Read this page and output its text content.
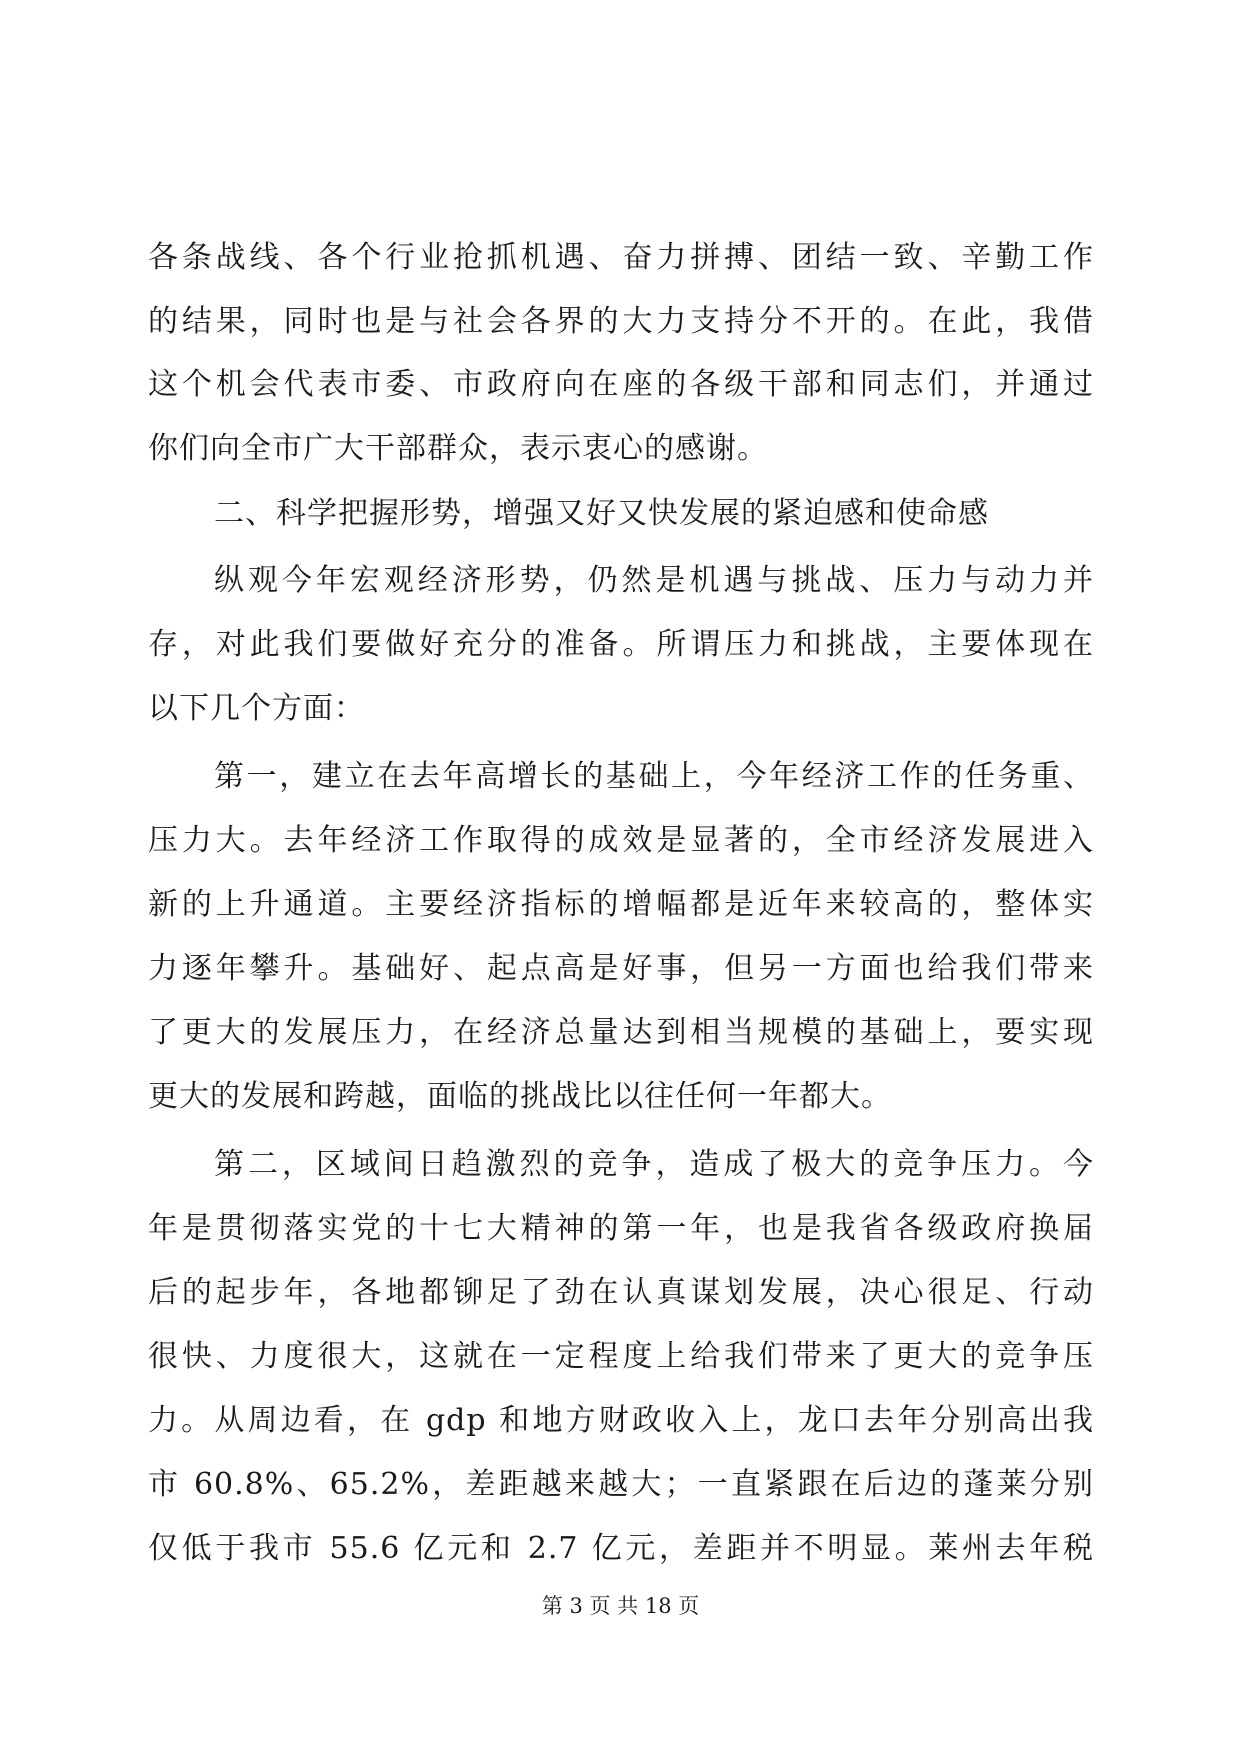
各条战线、各个行业抢抓机遇、奋力拼搏、团结一致、辛勤工作
的结果，同时也是与社会各界的大力支持分不开的。在此，我借
这个机会代表市委、市政府向在座的各级干部和同志们，并通过
你们向全市广大干部群众，表示衷心的感谢。
二、科学把握形势，增强又好又快发展的紧迫感和使命感
纵观今年宏观经济形势，仍然是机遇与挑战、压力与动力并
存，对此我们要做好充分的准备。所谓压力和挑战，主要体现在
以下几个方面：
第一，建立在去年高增长的基础上，今年经济工作的任务重、
压力大。去年经济工作取得的成效是显著的，全市经济发展进入
新的上升通道。主要经济指标的增幅都是近年来较高的，整体实
力逐年攀升。基础好、起点高是好事，但另一方面也给我们带来
了更大的发展压力，在经济总量达到相当规模的基础上，要实现
更大的发展和跨越，面临的挑战比以往任何一年都大。
第二，区域间日趋激烈的竞争，造成了极大的竞争压力。今
年是贯彻落实党的十七大精神的第一年，也是我省各级政府换届
后的起步年，各地都铆足了劲在认真谋划发展，决心很足、行动
很快、力度很大，这就在一定程度上给我们带来了更大的竞争压
力。从周边看，在 gdp 和地方财政收入上，龙口去年分别高出我
市 60.8%、65.2%，差距越来越大；一直紧跟在后边的蓬莱分别
仅低于我市 55.6 亿元和 2.7 亿元，差距并不明显。莱州去年税
第 3 页 共 18 页
